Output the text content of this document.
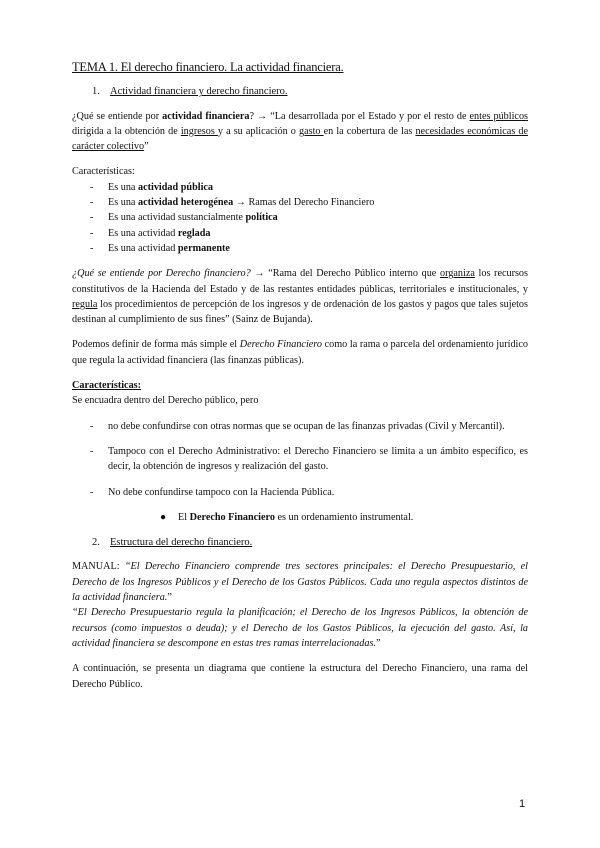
TEMA 1. El derecho financiero. La actividad financiera.

1. Actividad financiera y derecho financiero.

¿Qué se entiende por actividad financiera? → “La desarrollada por el Estado y por el resto de entes públicos dirigida a la obtención de ingresos y a su aplicación o gasto en la cobertura de las necesidades económicas de carácter colectivo”

Características:

-	Es una actividad pública
-	Es una actividad heterogénea → Ramas del Derecho Financiero
-	Es una actividad sustancialmente política
-	Es una actividad reglada
-	Es una actividad permanente

¿Qué se entiende por Derecho financiero? → “Rama del Derecho Público interno que organiza los recursos constitutivos de la Hacienda del Estado y de las restantes entidades públicas, territoriales e institucionales, y regula los procedimientos de percepción de los ingresos y de ordenación de los gastos y pagos que tales sujetos destinan al cumplimiento de sus fines” (Sainz de Bujanda).

Podemos definir de forma más simple el Derecho Financiero como la rama o parcela del ordenamiento jurídico que regula la actividad financiera (las finanzas públicas).

Características:

Se encuadra dentro del Derecho público, pero

-	no debe confundirse con otras normas que se ocupan de las finanzas privadas (Civil y Mercantil).
-	Tampoco con el Derecho Administrativo: el Derecho Financiero se limita a un ámbito específico, es decir, la obtención de ingresos y realización del gasto.
-	No debe confundirse tampoco con la Hacienda Pública.
●	El Derecho Financiero es un ordenamiento instrumental.
2. Estructura del derecho financiero.

MANUAL: “El Derecho Financiero comprende tres sectores principales: el Derecho Presupuestario, el Derecho de los Ingresos Públicos y el Derecho de los Gastos Públicos. Cada uno regula aspectos distintos de la actividad financiera.”

“El Derecho Presupuestario regula la planificación; el Derecho de los Ingresos Públicos, la obtención de recursos (como impuestos o deuda); y el Derecho de los Gastos Públicos, la ejecución del gasto. Así, la actividad financiera se descompone en estas tres ramas interrelacionadas.”

A continuación, se presenta un diagrama que contiene la estructura del Derecho Financiero, una rama del Derecho Público.

1
